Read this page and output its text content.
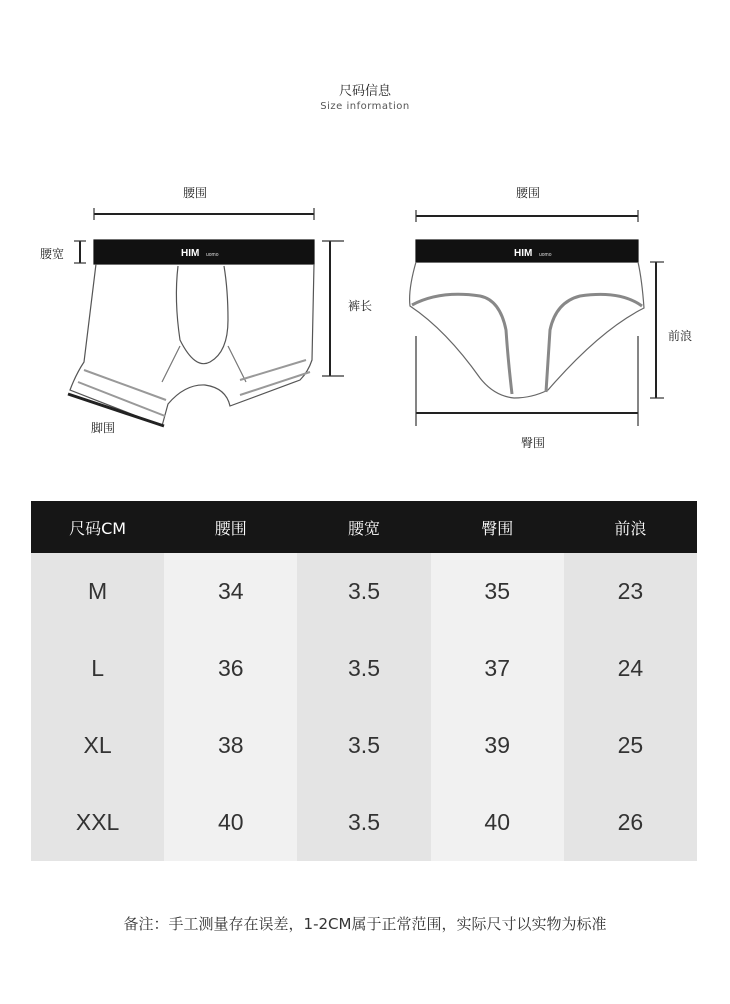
尺码信息
Size information
HIM uomo
腰围
腰宽
裤长
脚围
HIM uomo
腰围
前浪
臀围
尺码CM	腰围	腰宽	臀围	前浪
M	34	3.5	35	23
L	36	3.5	37	24
XL	38	3.5	39	25
XXL	40	3.5	40	26
备注：手工测量存在误差，1-2CM属于正常范围，实际尺寸以实物为标准
